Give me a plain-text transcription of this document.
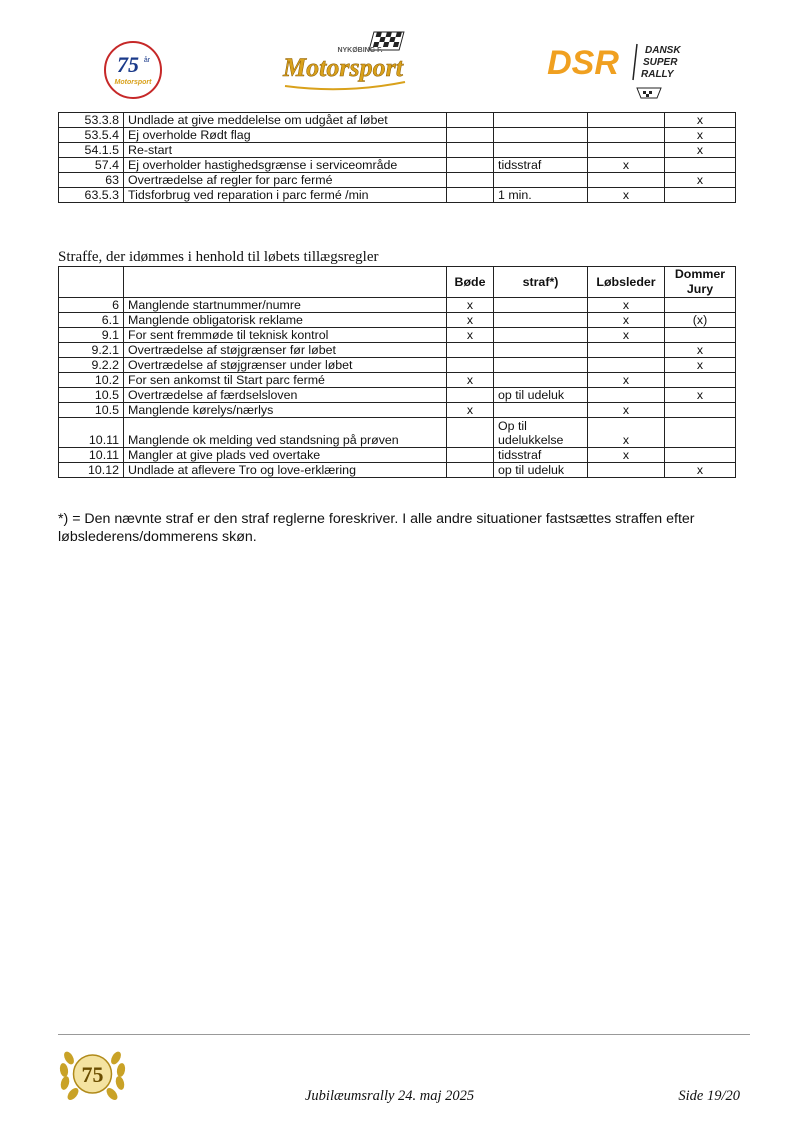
75 år
Motorsport
NYKØBING F.
Motorsport	DSR	DANSK
SUPER
RALLY
53.3.8	Undlade at give meddelelse om udgået af løbet				x
53.5.4	Ej overholde Rødt flag				x
54.1.5	Re-start				x
57.4	Ej overholder hastighedsgrænse i serviceområde		tidsstraf	x	
63	Overtrædelse af regler for parc fermé				x
63.5.3	Tidsforbrug ved reparation i parc fermé /min		1 min.	x	
Straffe, der idømmes i henhold til løbets tillægsregler
		Bøde	straf*)	Løbsleder	Dommer
Jury
6	Manglende startnummer/numre	x		x	
6.1	Manglende obligatorisk reklame	x		x	(x)
9.1	For sent fremmøde til teknisk kontrol	x		x	
9.2.1	Overtrædelse af støjgrænser før løbet				x
9.2.2	Overtrædelse af støjgrænser under løbet				x
10.2	For sen ankomst til Start parc fermé	x		x	
10.5	Overtrædelse af færdselsloven		op til udeluk		x
10.5	Manglende kørelys/nærlys	x		x	
10.11	Manglende ok melding ved standsning på prøven		Op til
udelukkelse	x	
10.11	Mangler at give plads ved overtake		tidsstraf	x	
10.12	Undlade at aflevere Tro og love-erklæring		op til udeluk		x
*) = Den nævnte straf er den straf reglerne foreskriver. I alle andre situationer fastsættes straffen efter løbslederens/dommerens skøn.
75
Jubilæumsrally 24. maj 2025	Side 19/20
